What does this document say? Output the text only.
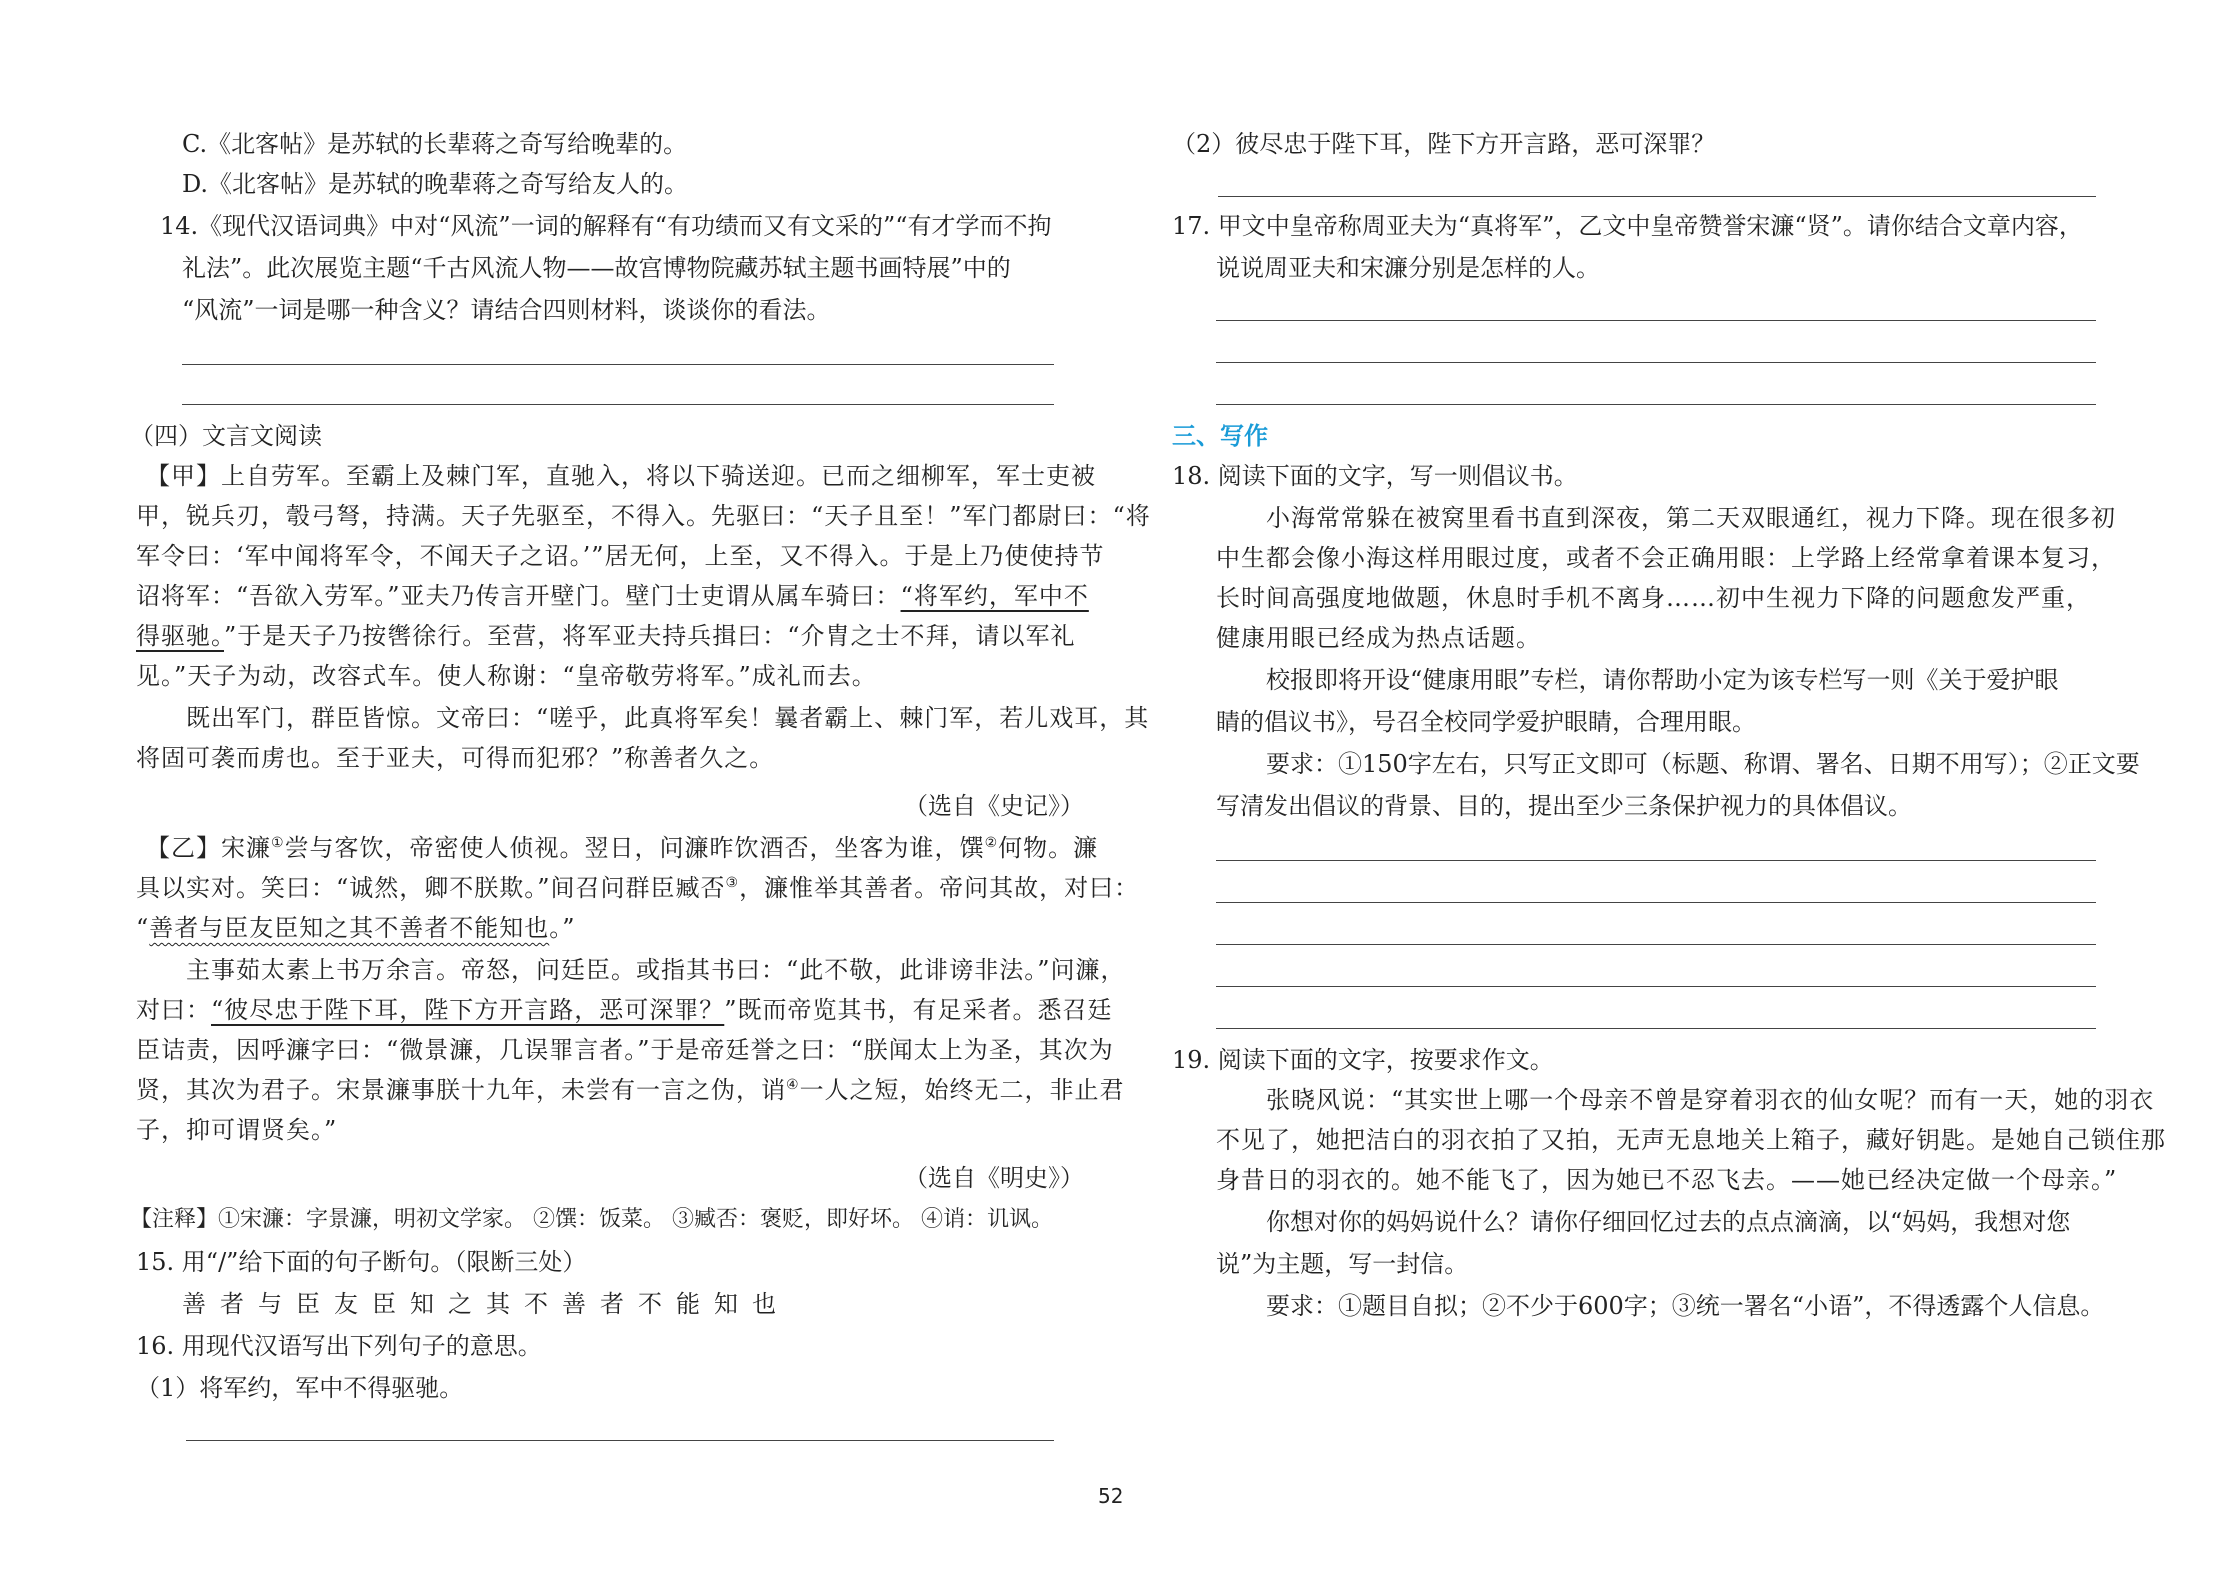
C.《北客帖》是苏轼的长辈蒋之奇写给晚辈的。
D.《北客帖》是苏轼的晚辈蒋之奇写给友人的。
14.《现代汉语词典》中对“风流”一词的解释有“有功绩而又有文采的”“有才学而不拘
礼法”。此次展览主题“千古风流人物——故宫博物院藏苏轼主题书画特展”中的
“风流”一词是哪一种含义？请结合四则材料，谈谈你的看法。
（四）文言文阅读
【甲】上自劳军。至霸上及棘门军，直驰入，将以下骑送迎。已而之细柳军，军士吏被
甲，锐兵刃，彀弓弩，持满。天子先驱至，不得入。先驱曰：“天子且至！”军门都尉曰：“将
军令曰：‘军中闻将军令，不闻天子之诏。’”居无何，上至，又不得入。于是上乃使使持节
诏将军：“吾欲入劳军。”亚夫乃传言开壁门。壁门士吏谓从属车骑曰：“将军约，军中不
得驱驰。”于是天子乃按辔徐行。至营，将军亚夫持兵揖曰：“介胄之士不拜，请以军礼
见。”天子为动，改容式车。使人称谢：“皇帝敬劳将军。”成礼而去。
既出军门，群臣皆惊。文帝曰：“嗟乎，此真将军矣！曩者霸上、棘门军，若儿戏耳，其
将固可袭而虏也。至于亚夫，可得而犯邪？”称善者久之。
（选自《史记》）
【乙】宋濂①尝与客饮，帝密使人侦视。翌日，问濂昨饮酒否，坐客为谁，馔②何物。濂
具以实对。笑曰：“诚然，卿不朕欺。”间召问群臣臧否③，濂惟举其善者。帝问其故，对曰：
“善者与臣友臣知之其不善者不能知也。”
主事茹太素上书万余言。帝怒，问廷臣。或指其书曰：“此不敬，此诽谤非法。”问濂，
对曰：“彼尽忠于陛下耳，陛下方开言路，恶可深罪？”既而帝览其书，有足采者。悉召廷
臣诘责，因呼濂字曰：“微景濂，几误罪言者。”于是帝廷誉之曰：“朕闻太上为圣，其次为
贤，其次为君子。宋景濂事朕十九年，未尝有一言之伪，诮④一人之短，始终无二，非止君
子，抑可谓贤矣。”
（选自《明史》）
【注释】①宋濂：字景濂，明初文学家。 ②馔：饭菜。 ③臧否：褒贬，即好坏。 ④诮：讥讽。
15. 用“/”给下面的句子断句。（限断三处）
善者与臣友臣知之其不善者不能知也
16. 用现代汉语写出下列句子的意思。
（1）将军约，军中不得驱驰。
（2）彼尽忠于陛下耳，陛下方开言路，恶可深罪？
17. 甲文中皇帝称周亚夫为“真将军”，乙文中皇帝赞誉宋濂“贤”。请你结合文章内容，
说说周亚夫和宋濂分别是怎样的人。
三、写作
18. 阅读下面的文字，写一则倡议书。
小海常常躲在被窝里看书直到深夜，第二天双眼通红，视力下降。现在很多初
中生都会像小海这样用眼过度，或者不会正确用眼：上学路上经常拿着课本复习，
长时间高强度地做题，休息时手机不离身……初中生视力下降的问题愈发严重，
健康用眼已经成为热点话题。
校报即将开设“健康用眼”专栏，请你帮助小定为该专栏写一则《关于爱护眼
睛的倡议书》，号召全校同学爱护眼睛，合理用眼。
要求：①150字左右，只写正文即可（标题、称谓、署名、日期不用写）；②正文要
写清发出倡议的背景、目的，提出至少三条保护视力的具体倡议。
19. 阅读下面的文字，按要求作文。
张晓风说：“其实世上哪一个母亲不曾是穿着羽衣的仙女呢？而有一天，她的羽衣
不见了，她把洁白的羽衣拍了又拍，无声无息地关上箱子，藏好钥匙。是她自己锁住那
身昔日的羽衣的。她不能飞了，因为她已不忍飞去。——她已经决定做一个母亲。”
你想对你的妈妈说什么？请你仔细回忆过去的点点滴滴，以“妈妈，我想对您
说”为主题，写一封信。
要求：①题目自拟；②不少于600字；③统一署名“小语”，不得透露个人信息。
52
